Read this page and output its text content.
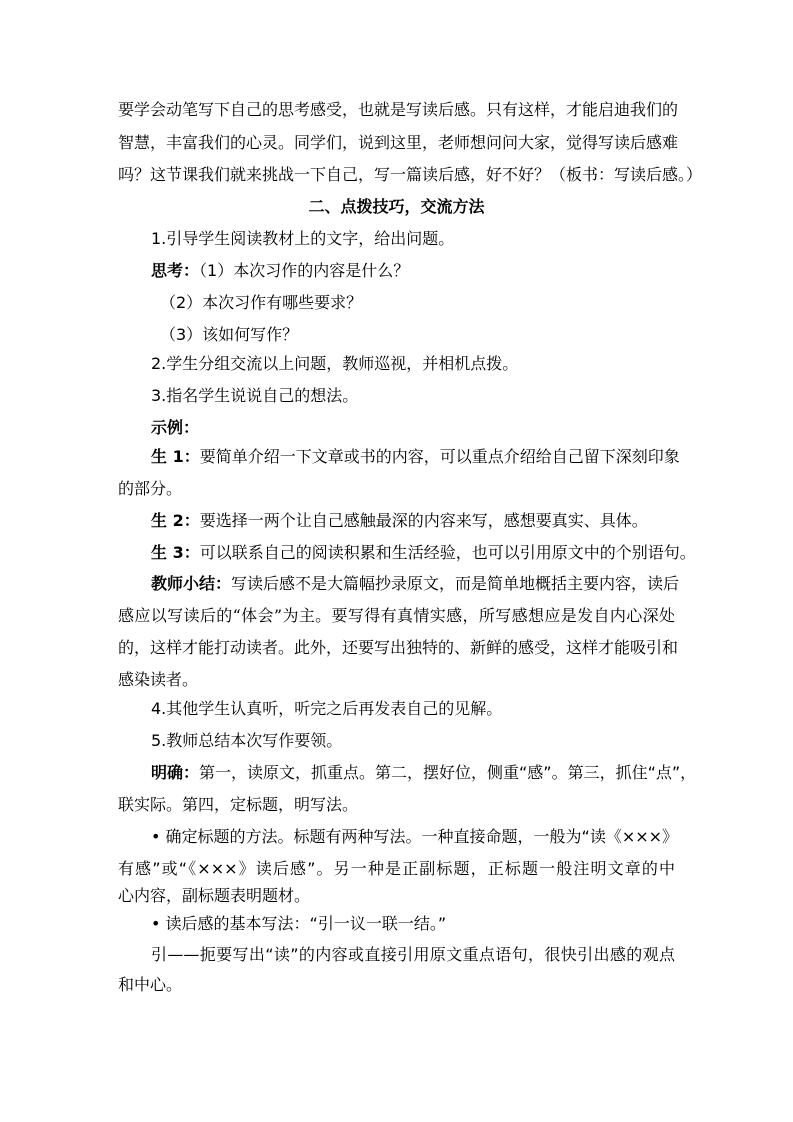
要学会动笔写下自己的思考感受，也就是写读后感。只有这样，才能启迪我们的
智慧，丰富我们的心灵。同学们，说到这里，老师想问问大家，觉得写读后感难
吗？这节课我们就来挑战一下自己，写一篇读后感，好不好？（板书：写读后感。）
二、点拨技巧，交流方法
1.引导学生阅读教材上的文字，给出问题。
思考：（1）本次习作的内容是什么？
（2）本次习作有哪些要求？
（3）该如何写作？
2.学生分组交流以上问题，教师巡视，并相机点拨。
3.指名学生说说自己的想法。
示例：
生 1：要简单介绍一下文章或书的内容，可以重点介绍给自己留下深刻印象
的部分。
生 2：要选择一两个让自己感触最深的内容来写，感想要真实、具体。
生 3：可以联系自己的阅读积累和生活经验，也可以引用原文中的个别语句。
教师小结：写读后感不是大篇幅抄录原文，而是简单地概括主要内容，读后
感应以写读后的“体会”为主。要写得有真情实感，所写感想应是发自内心深处
的，这样才能打动读者。此外，还要写出独特的、新鲜的感受，这样才能吸引和
感染读者。
4.其他学生认真听，听完之后再发表自己的见解。
5.教师总结本次写作要领。
明确：第一，读原文，抓重点。第二，摆好位，侧重“感”。第三，抓住“点”，
联实际。第四，定标题，明写法。
• 确定标题的方法。标题有两种写法。一种直接命题，一般为“读《×××》
有感”或“《×××》读后感”。另一种是正副标题，正标题一般注明文章的中
心内容，副标题表明题材。
• 读后感的基本写法：“引一议一联一结。”
引——扼要写出“读”的内容或直接引用原文重点语句，很快引出感的观点
和中心。
